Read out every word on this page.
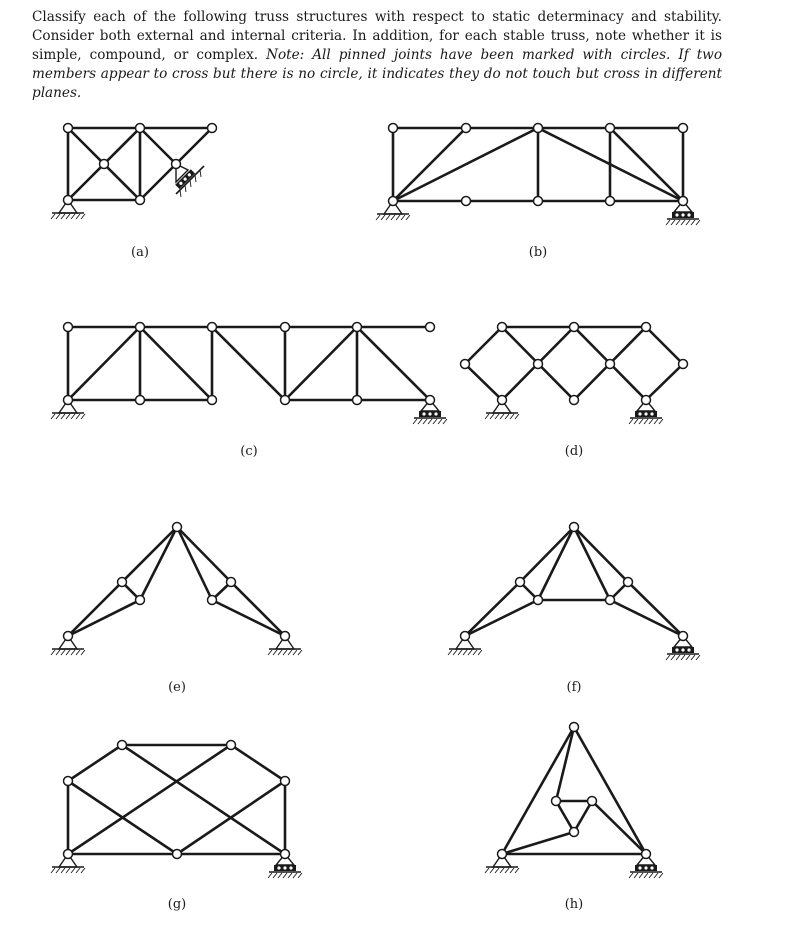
Classify each of the following truss structures with respect to static determinacy and stability. Consider both external and internal criteria. In addition, for each stable truss, note whether it is simple, compound, or complex. Note: All pinned joints have been marked with circles. If two members appear to cross but there is no circle, it indicates they do not touch but cross in different planes.
(a)	(b)
(c)	(d)
(e)	(f)
(g)	(h)
